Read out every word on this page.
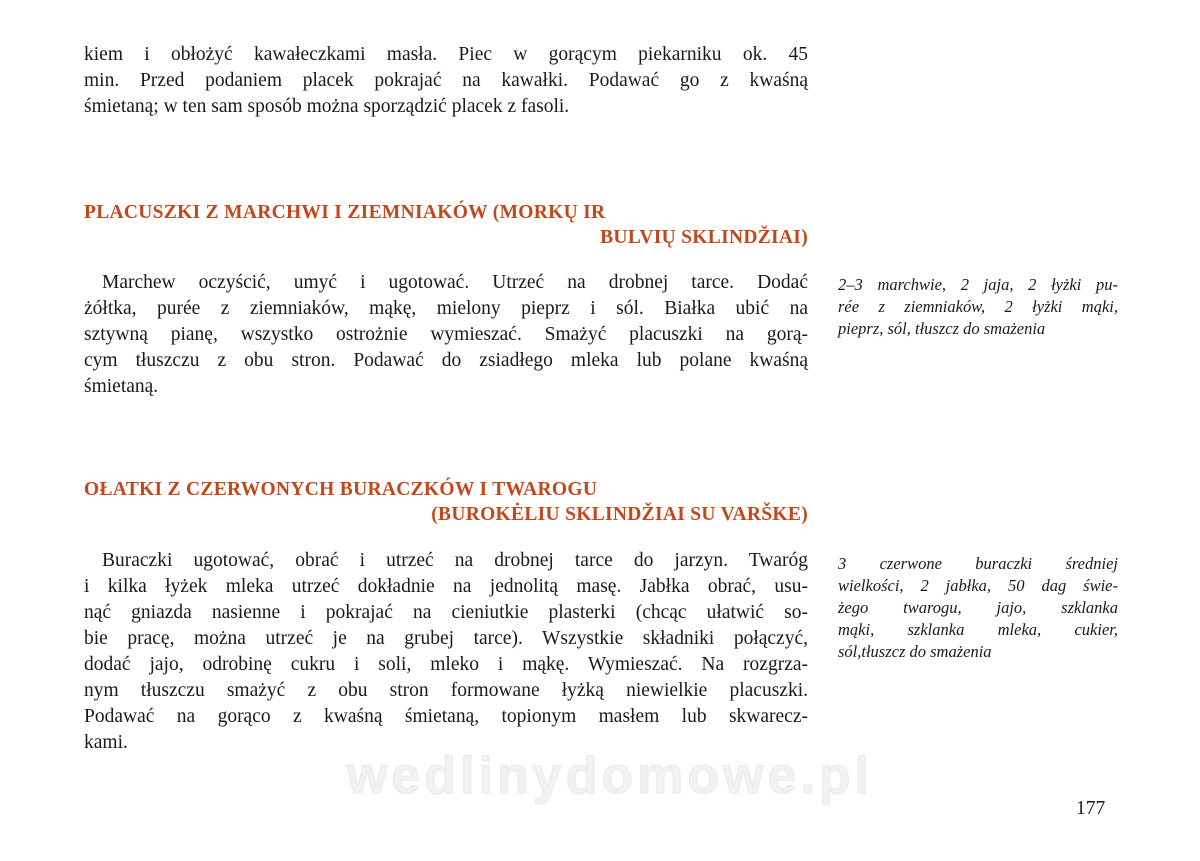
kiem i obłożyć kawałeczkami masła. Piec w gorącym piekarniku ok. 45
min. Przed podaniem placek pokrajać na kawałki. Podawać go z kwaśną
śmietaną; w ten sam sposób można sporządzić placek z fasoli.

PLACUSZKI Z MARCHWI I ZIEMNIAKÓW (MORKŲ IR
BULVIŲ SKLINDŽIAI)

Marchew oczyścić, umyć i ugotować. Utrzeć na drobnej tarce. Dodać
żółtka, purée z ziemniaków, mąkę, mielony pieprz i sól. Białka ubić na
sztywną pianę, wszystko ostrożnie wymieszać. Smażyć placuszki na gorą-
cym tłuszczu z obu stron. Podawać do zsiadłego mleka lub polane kwaśną
śmietaną.

2–3 marchwie, 2 jaja, 2 łyżki pu-
rée z ziemniaków, 2 łyżki mąki,
pieprz, sól, tłuszcz do smażenia

OŁATKI Z CZERWONYCH BURACZKÓW I TWAROGU
(BUROKĖLIU SKLINDŽIAI SU VARŠKE)

Buraczki ugotować, obrać i utrzeć na drobnej tarce do jarzyn. Twaróg
i kilka łyżek mleka utrzeć dokładnie na jednolitą masę. Jabłka obrać, usu-
nąć gniazda nasienne i pokrajać na cieniutkie plasterki (chcąc ułatwić so-
bie pracę, można utrzeć je na grubej tarce). Wszystkie składniki połączyć,
dodać jajo, odrobinę cukru i soli, mleko i mąkę. Wymieszać. Na rozgrza-
nym tłuszczu smażyć z obu stron formowane łyżką niewielkie placuszki.
Podawać na gorąco z kwaśną śmietaną, topionym masłem lub skwarecz-
kami.

3 czerwone buraczki średniej
wielkości, 2 jabłka, 50 dag świe-
żego twarogu, jajo, szklanka
mąki, szklanka mleka, cukier,
sól,tłuszcz do smażenia

wedlinydomowe.pl

177
